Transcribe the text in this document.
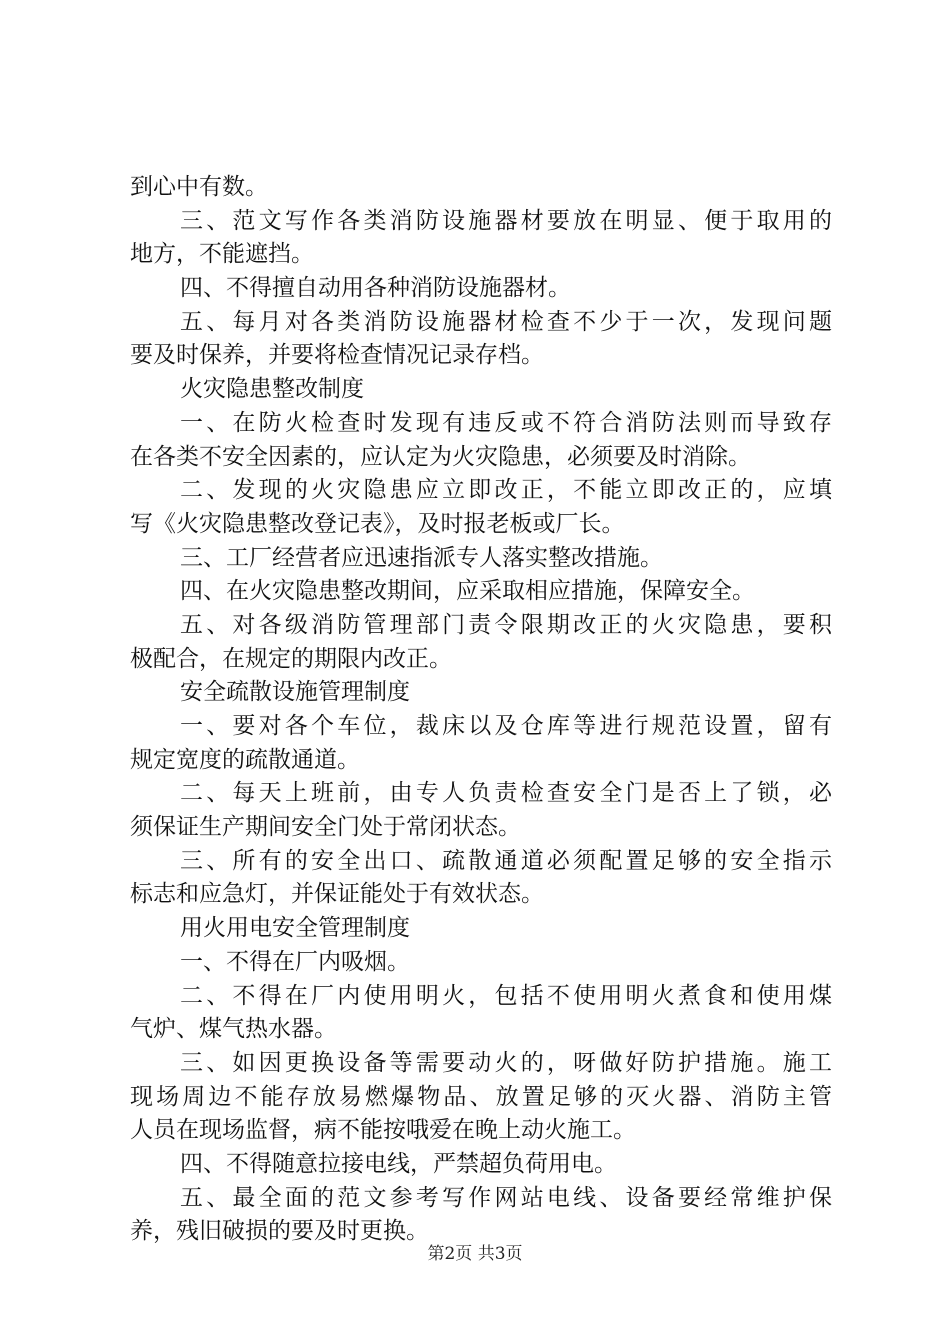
到心中有数。
三、范文写作各类消防设施器材要放在明显、便于取用的
地方，不能遮挡。
四、不得擅自动用各种消防设施器材。
五、每月对各类消防设施器材检查不少于一次，发现问题
要及时保养，并要将检查情况记录存档。
火灾隐患整改制度
一、在防火检查时发现有违反或不符合消防法则而导致存
在各类不安全因素的，应认定为火灾隐患，必须要及时消除。
二、发现的火灾隐患应立即改正，不能立即改正的，应填
写《火灾隐患整改登记表》，及时报老板或厂长。
三、工厂经营者应迅速指派专人落实整改措施。
四、在火灾隐患整改期间，应采取相应措施，保障安全。
五、对各级消防管理部门责令限期改正的火灾隐患，要积
极配合，在规定的期限内改正。
安全疏散设施管理制度
一、要对各个车位，裁床以及仓库等进行规范设置，留有
规定宽度的疏散通道。
二、每天上班前，由专人负责检查安全门是否上了锁，必
须保证生产期间安全门处于常闭状态。
三、所有的安全出口、疏散通道必须配置足够的安全指示
标志和应急灯，并保证能处于有效状态。
用火用电安全管理制度
一、不得在厂内吸烟。
二、不得在厂内使用明火，包括不使用明火煮食和使用煤
气炉、煤气热水器。
三、如因更换设备等需要动火的，呀做好防护措施。施工
现场周边不能存放易燃爆物品、放置足够的灭火器、消防主管
人员在现场监督，病不能按哦爱在晚上动火施工。
四、不得随意拉接电线，严禁超负荷用电。
五、最全面的范文参考写作网站电线、设备要经常维护保
养，残旧破损的要及时更换。
第2页 共3页
